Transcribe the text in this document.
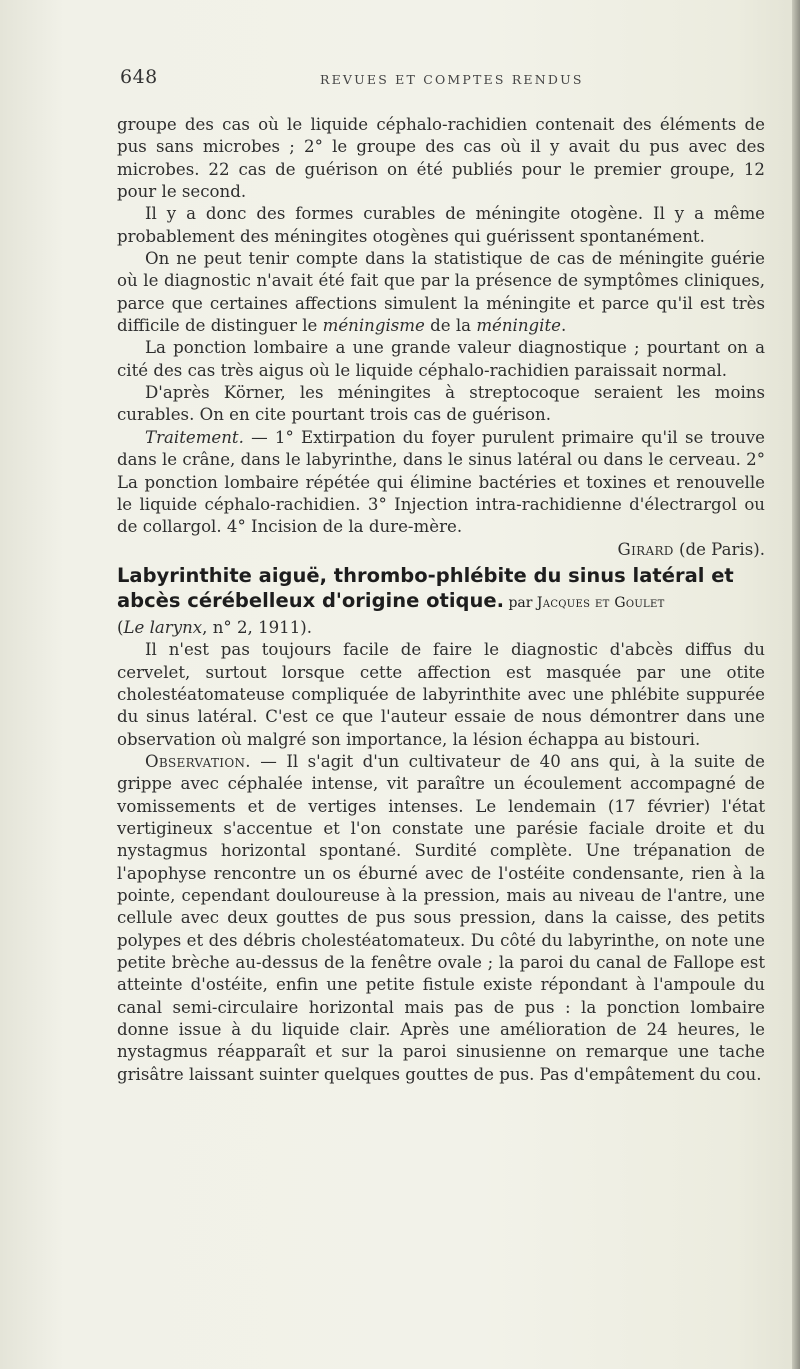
648	REVUES ET COMPTES RENDUS

groupe des cas où le liquide céphalo-rachidien contenait des éléments de pus sans microbes ; 2° le groupe des cas où il y avait du pus avec des microbes. 22 cas de guérison on été publiés pour le premier groupe, 12 pour le second.

Il y a donc des formes curables de méningite otogène. Il y a même probablement des méningites otogènes qui guérissent spontanément.

On ne peut tenir compte dans la statistique de cas de méningite guérie où le diagnostic n'avait été fait que par la présence de symptômes cliniques, parce que certaines affections simulent la méningite et parce qu'il est très difficile de distinguer le méningisme de la méningite.

La ponction lombaire a une grande valeur diagnostique ; pourtant on a cité des cas très aigus où le liquide céphalo-rachidien paraissait normal.

D'après Körner, les méningites à streptocoque seraient les moins curables. On en cite pourtant trois cas de guérison.

Traitement. — 1° Extirpation du foyer purulent primaire qu'il se trouve dans le crâne, dans le labyrinthe, dans le sinus latéral ou dans le cerveau. 2° La ponction lombaire répétée qui élimine bactéries et toxines et renouvelle le liquide céphalo-rachidien. 3° Injection intra-rachidienne d'électrargol ou de collargol. 4° Incision de la dure-mère.

Girard (de Paris).

Labyrinthite aiguë, thrombo-phlébite du sinus latéral et abcès cérébelleux d'origine otique. par Jacques et Goulet

(Le larynx, n° 2, 1911).

Il n'est pas toujours facile de faire le diagnostic d'abcès diffus du cervelet, surtout lorsque cette affection est masquée par une otite cholestéatomateuse compliquée de labyrinthite avec une phlébite suppurée du sinus latéral. C'est ce que l'auteur essaie de nous démontrer dans une observation où malgré son importance, la lésion échappa au bistouri.

Observation. — Il s'agit d'un cultivateur de 40 ans qui, à la suite de grippe avec céphalée intense, vit paraître un écoulement accompagné de vomissements et de vertiges intenses. Le lendemain (17 février) l'état vertigineux s'accentue et l'on constate une parésie faciale droite et du nystagmus horizontal spontané. Surdité complète. Une trépanation de l'apophyse rencontre un os éburné avec de l'ostéite condensante, rien à la pointe, cependant douloureuse à la pression, mais au niveau de l'antre, une cellule avec deux gouttes de pus sous pression, dans la caisse, des petits polypes et des débris cholestéatomateux. Du côté du labyrinthe, on note une petite brèche au-dessus de la fenêtre ovale ; la paroi du canal de Fallope est atteinte d'ostéite, enfin une petite fistule existe répondant à l'ampoule du canal semi-circulaire horizontal mais pas de pus : la ponction lombaire donne issue à du liquide clair. Après une amélioration de 24 heures, le nystagmus réapparaît et sur la paroi sinusienne on remarque une tache grisâtre laissant suinter quelques gouttes de pus. Pas d'empâtement du cou.
